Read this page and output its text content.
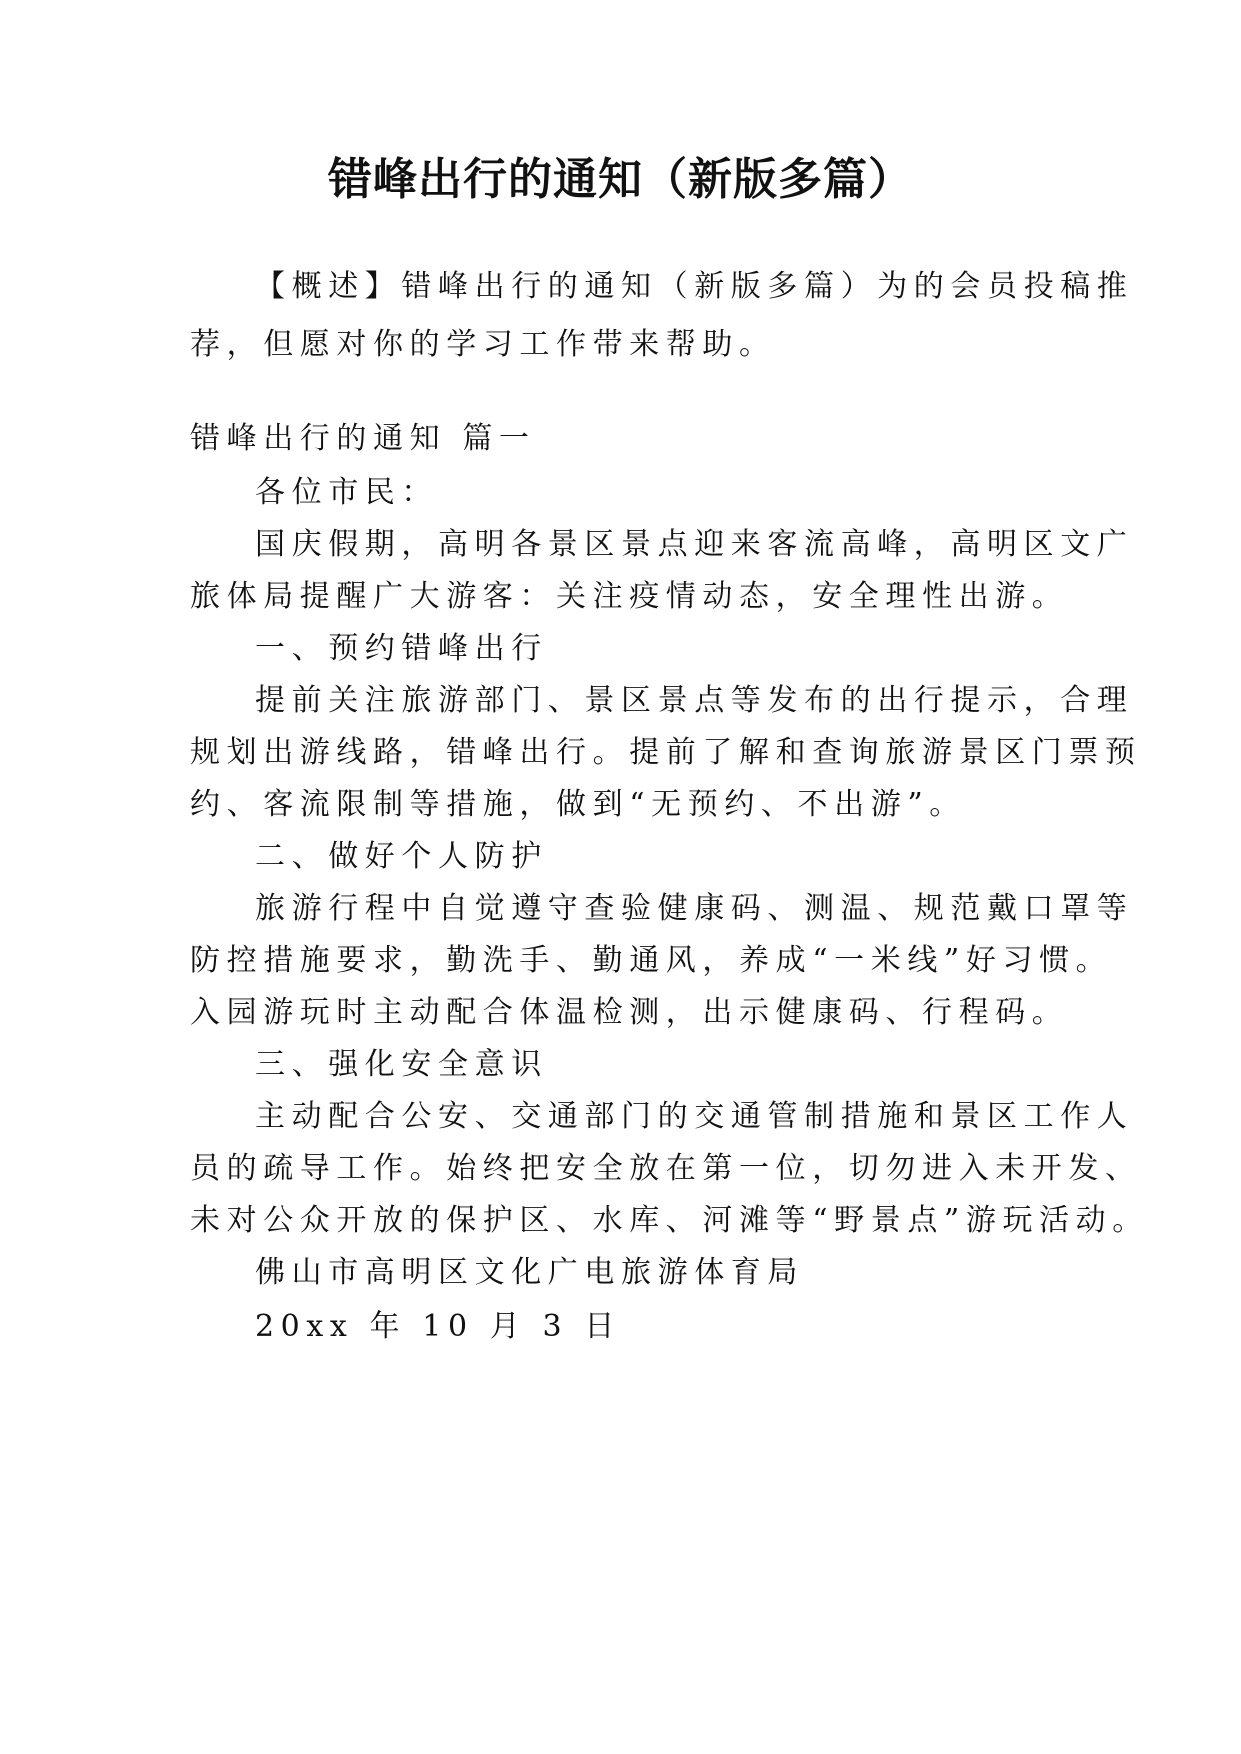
错峰出行的通知（新版多篇）

【概述】错峰出行的通知（新版多篇）为的会员投稿推

荐，但愿对你的学习工作带来帮助。

错峰出行的通知 篇一

各位市民：

国庆假期，高明各景区景点迎来客流高峰，高明区文广

旅体局提醒广大游客：关注疫情动态，安全理性出游。

一、预约错峰出行

提前关注旅游部门、景区景点等发布的出行提示，合理

规划出游线路，错峰出行。提前了解和查询旅游景区门票预

约、客流限制等措施，做到“无预约、不出游”。

二、做好个人防护

旅游行程中自觉遵守查验健康码、测温、规范戴口罩等

防控措施要求，勤洗手、勤通风，养成“一米线”好习惯。

入园游玩时主动配合体温检测，出示健康码、行程码。

三、强化安全意识

主动配合公安、交通部门的交通管制措施和景区工作人

员的疏导工作。始终把安全放在第一位，切勿进入未开发、

未对公众开放的保护区、水库、河滩等“野景点”游玩活动。

佛山市高明区文化广电旅游体育局

20xx 年 10 月 3 日
